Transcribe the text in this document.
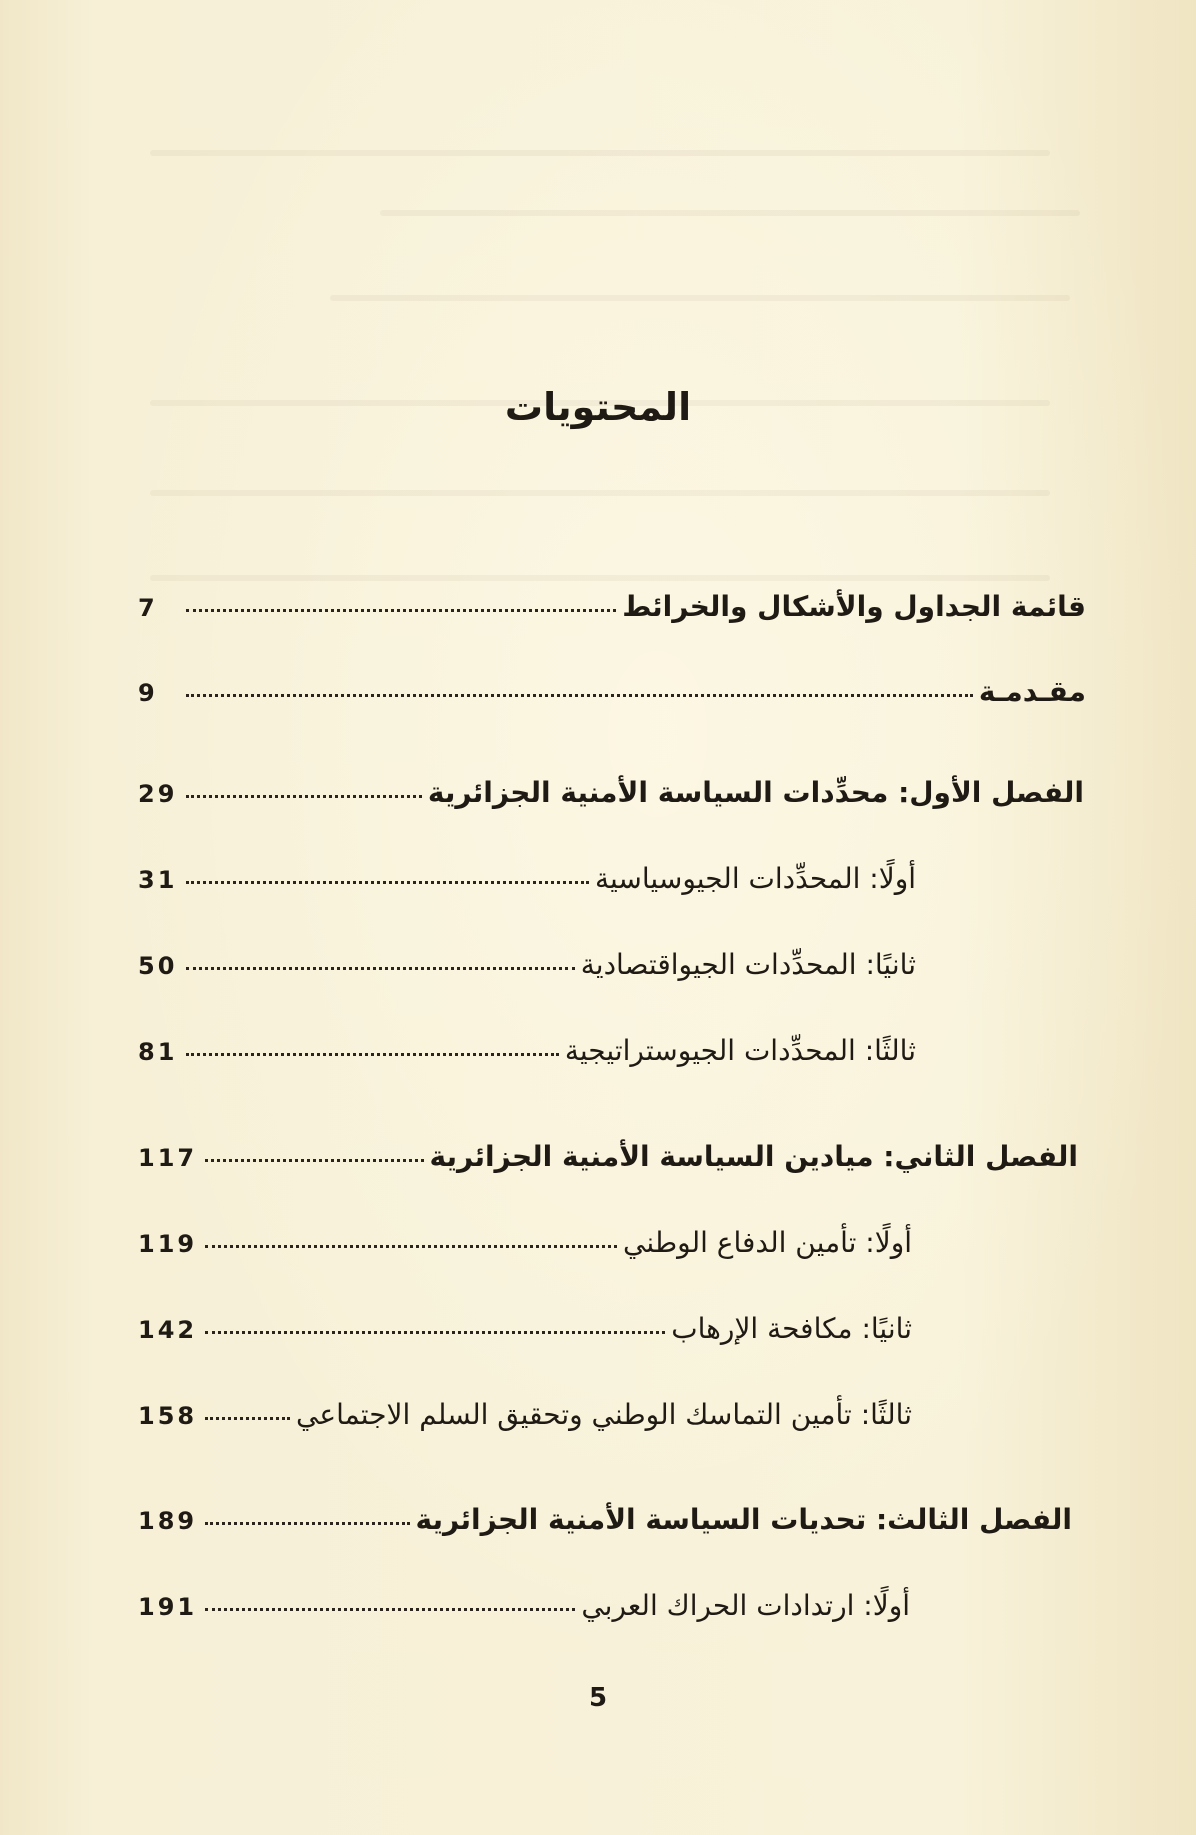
المحتويات
قائمة الجداول والأشكال والخرائط
7
مقـدمـة
9
الفصل الأول: محدِّدات السياسة الأمنية الجزائرية
29
أولًا: المحدِّدات الجيوسياسية
31
ثانيًا: المحدِّدات الجيواقتصادية
50
ثالثًا: المحدِّدات الجيوستراتيجية
81
الفصل الثاني: ميادين السياسة الأمنية الجزائرية
117
أولًا: تأمين الدفاع الوطني
119
ثانيًا: مكافحة الإرهاب
142
ثالثًا: تأمين التماسك الوطني وتحقيق السلم الاجتماعي
158
الفصل الثالث: تحديات السياسة الأمنية الجزائرية
189
أولًا: ارتدادات الحراك العربي
191
5
